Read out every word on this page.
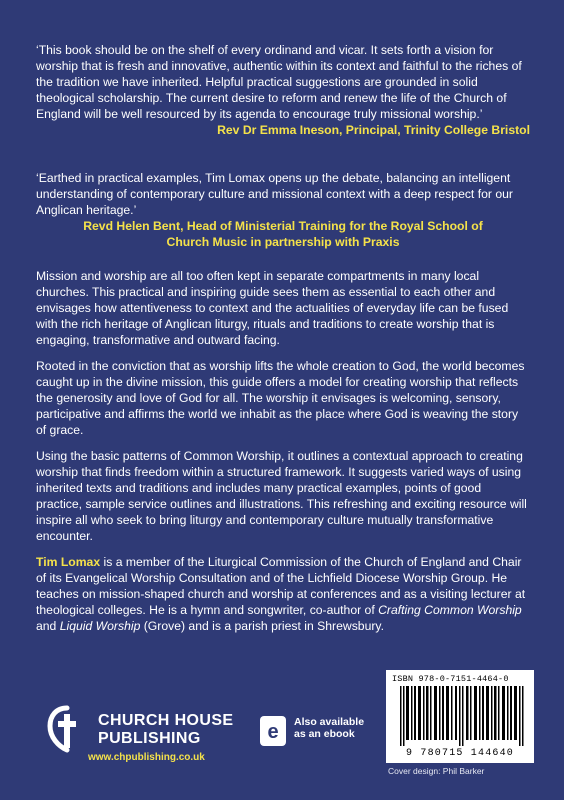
‘This book should be on the shelf of every ordinand and vicar. It sets forth a vision for worship that is fresh and innovative, authentic within its context and faithful to the riches of the tradition we have inherited. Helpful practical suggestions are grounded in solid theological scholarship. The current desire to reform and renew the life of the Church of England will be well resourced by its agenda to encourage truly missional worship.’
Rev Dr Emma Ineson, Principal, Trinity College Bristol

‘Earthed in practical examples, Tim Lomax opens up the debate, balancing an intelligent understanding of contemporary culture and missional context with a deep respect for our Anglican heritage.’
Revd Helen Bent, Head of Ministerial Training for the Royal School of
Church Music in partnership with Praxis

Mission and worship are all too often kept in separate compartments in many local churches. This practical and inspiring guide sees them as essential to each other and envisages how attentiveness to context and the actualities of everyday life can be fused with the rich heritage of Anglican liturgy, rituals and traditions to create worship that is engaging, transformative and outward facing.

Rooted in the conviction that as worship lifts the whole creation to God, the world becomes caught up in the divine mission, this guide offers a model for creating worship that reflects the generosity and love of God for all. The worship it envisages is welcoming, sensory, participative and affirms the world we inhabit as the place where God is weaving the story of grace.

Using the basic patterns of Common Worship, it outlines a contextual approach to creating worship that finds freedom within a structured framework. It suggests varied ways of using inherited texts and traditions and includes many practical examples, points of good practice, sample service outlines and illustrations. This refreshing and exciting resource will inspire all who seek to bring liturgy and contemporary culture mutually transformative encounter.

Tim Lomax is a member of the Liturgical Commission of the Church of England and Chair of its Evangelical Worship Consultation and of the Lichfield Diocese Worship Group. He teaches on mission-shaped church and worship at conferences and as a visiting lecturer at theological colleges. He is a hymn and songwriter, co-author of Crafting Common Worship and Liquid Worship (Grove) and is a parish priest in Shrewsbury.

CHURCH HOUSE
PUBLISHING
www.chpublishing.co.uk
e Also available
as an ebook
ISBN 978-0-7151-4464-0
9 780715 144640
Cover design: Phil Barker
